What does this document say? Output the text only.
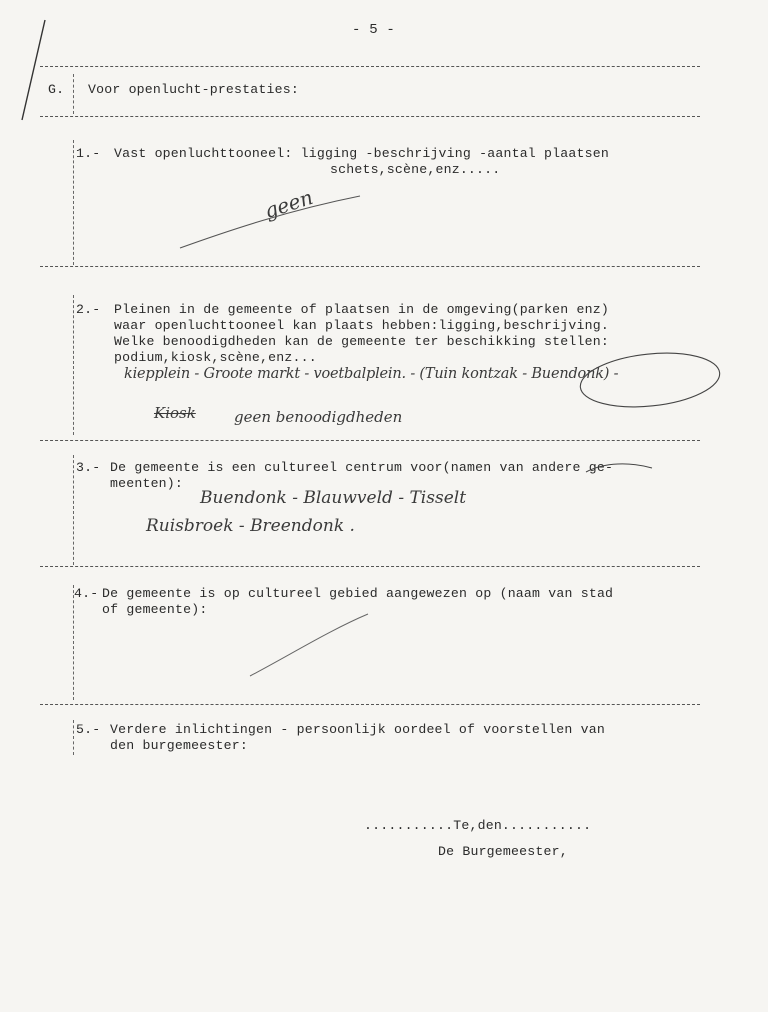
- 5 -
G. Voor openlucht-prestaties:
1.- Vast openluchttooneel: ligging -beschrijving -aantal plaatsen
schets,scène,enz.....
geen
2.- Pleinen in de gemeente of plaatsen in de omgeving(parken enz)
waar openluchttooneel kan plaats hebben:ligging,beschrijving.
Welke benoodigdheden kan de gemeente ter beschikking stellen:
podium,kiosk,scène,enz...
kiepplein - Groote markt - voetbalplein. - (Tuin kontzak - Buendonk) -
Kiosk	geen benoodigdheden
3.- De gemeente is een cultureel centrum voor(namen van andere ge-
meenten):
Buendonk - Blauwveld - Tisselt
Ruisbroek - Breendonk .
4.- De gemeente is op cultureel gebied aangewezen op (naam van stad
of gemeente):
5.- Verdere inlichtingen - persoonlijk oordeel of voorstellen van
den burgemeester:
...........Te,den...........
De Burgemeester,
